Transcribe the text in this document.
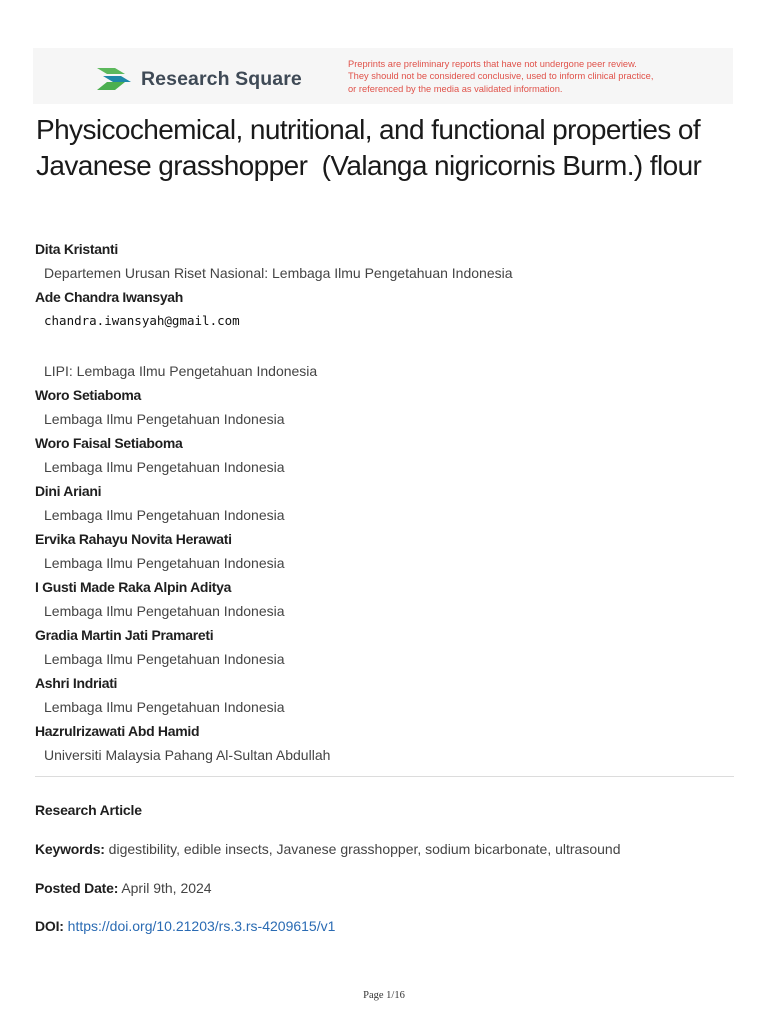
Research Square
Preprints are preliminary reports that have not undergone peer review.
They should not be considered conclusive, used to inform clinical practice,
or referenced by the media as validated information.
Physicochemical, nutritional, and functional properties of Javanese grasshopper  (Valanga nigricornis Burm.) flour
Dita Kristanti
Departemen Urusan Riset Nasional: Lembaga Ilmu Pengetahuan Indonesia
Ade Chandra Iwansyah
chandra.iwansyah@gmail.com
LIPI: Lembaga Ilmu Pengetahuan Indonesia
Woro Setiaboma
Lembaga Ilmu Pengetahuan Indonesia
Woro Faisal Setiaboma
Lembaga Ilmu Pengetahuan Indonesia
Dini Ariani
Lembaga Ilmu Pengetahuan Indonesia
Ervika Rahayu Novita Herawati
Lembaga Ilmu Pengetahuan Indonesia
I Gusti Made Raka Alpin Aditya
Lembaga Ilmu Pengetahuan Indonesia
Gradia Martin Jati Pramareti
Lembaga Ilmu Pengetahuan Indonesia
Ashri Indriati
Lembaga Ilmu Pengetahuan Indonesia
Hazrulrizawati Abd Hamid
Universiti Malaysia Pahang Al-Sultan Abdullah
Research Article
Keywords: digestibility, edible insects, Javanese grasshopper, sodium bicarbonate, ultrasound
Posted Date: April 9th, 2024
DOI: https://doi.org/10.21203/rs.3.rs-4209615/v1
Page 1/16
